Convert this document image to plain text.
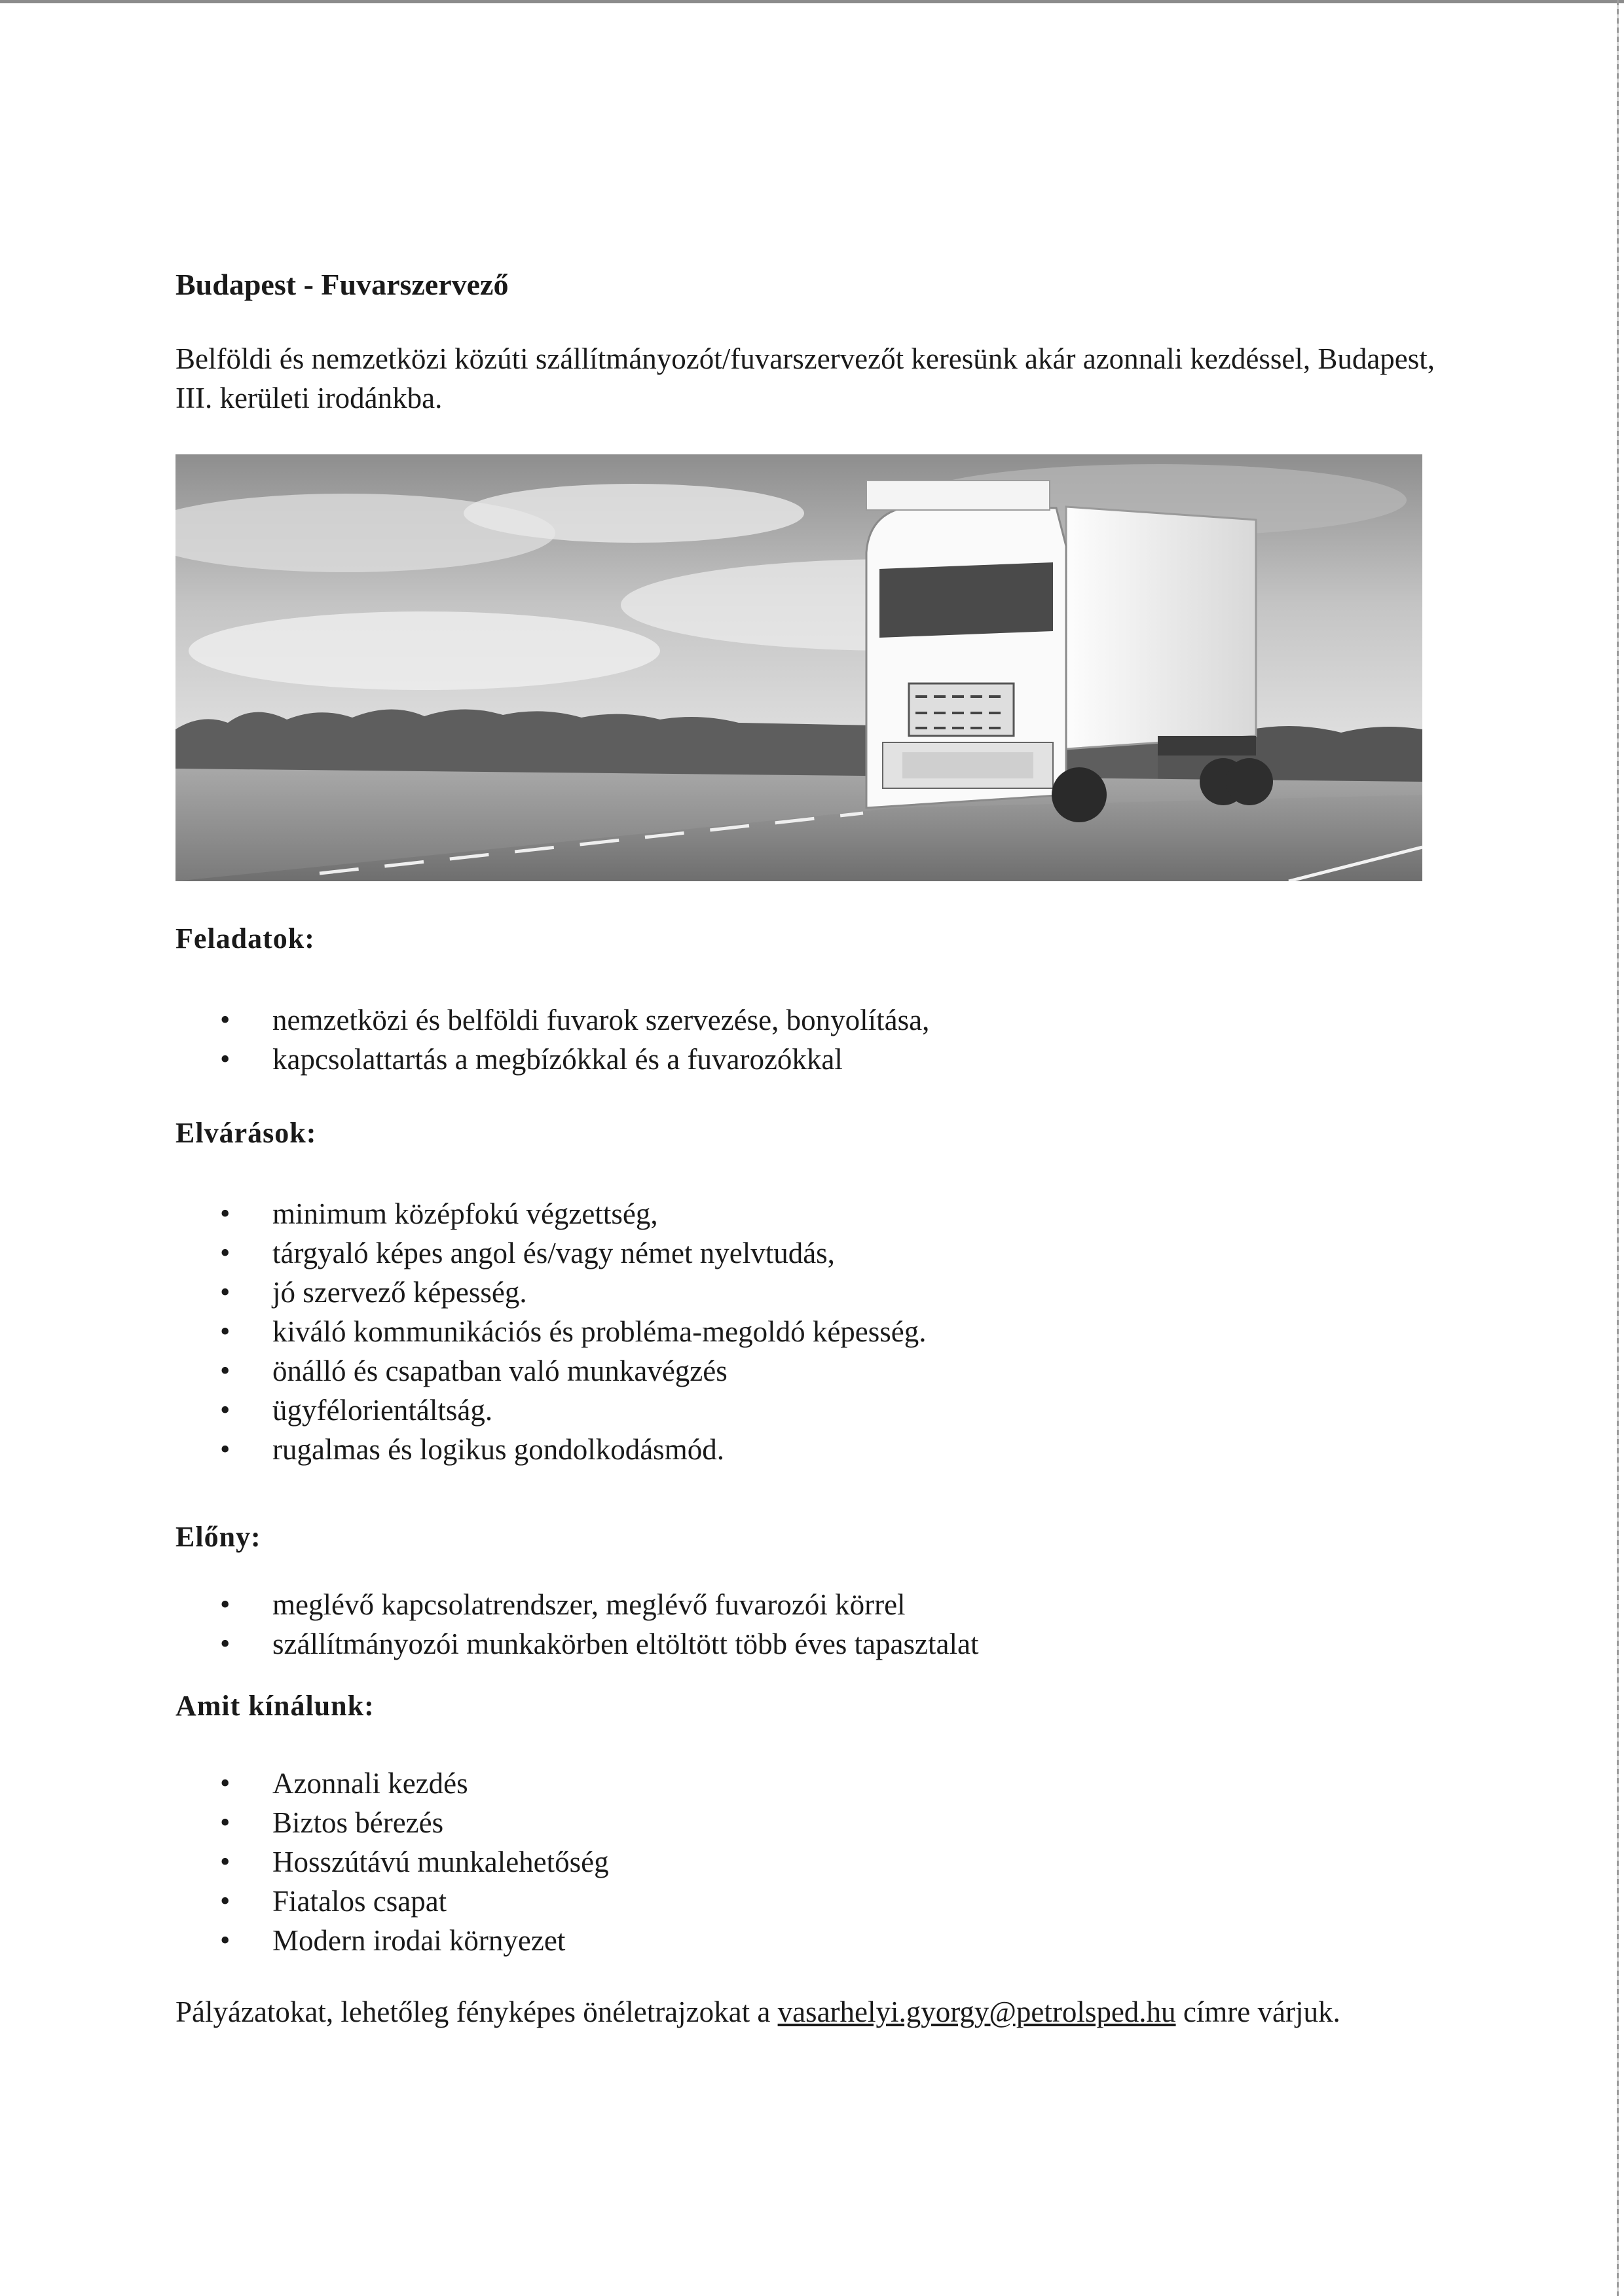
Budapest - Fuvarszervező

Belföldi és nemzetközi közúti szállítmányozót/fuvarszervezőt keresünk akár azonnali kezdéssel, Budapest, III. kerületi irodánkba.

Feladatok:
• nemzetközi és belföldi fuvarok szervezése, bonyolítása,
• kapcsolattartás a megbízókkal és a fuvarozókkal
Elvárások:
• minimum középfokú végzettség,
• tárgyaló képes angol és/vagy német nyelvtudás,
• jó szervező képesség.
• kiváló kommunikációs és probléma-megoldó képesség.
• önálló és csapatban való munkavégzés
• ügyfélorientáltság.
• rugalmas és logikus gondolkodásmód.
Előny:
• meglévő kapcsolatrendszer, meglévő fuvarozói körrel
• szállítmányozói munkakörben eltöltött több éves tapasztalat
Amit kínálunk:
• Azonnali kezdés
• Biztos bérezés
• Hosszútávú munkalehetőség
• Fiatalos csapat
• Modern irodai környezet

Pályázatokat, lehetőleg fényképes önéletrajzokat a vasarhelyi.gyorgy@petrolsped.hu címre várjuk.
